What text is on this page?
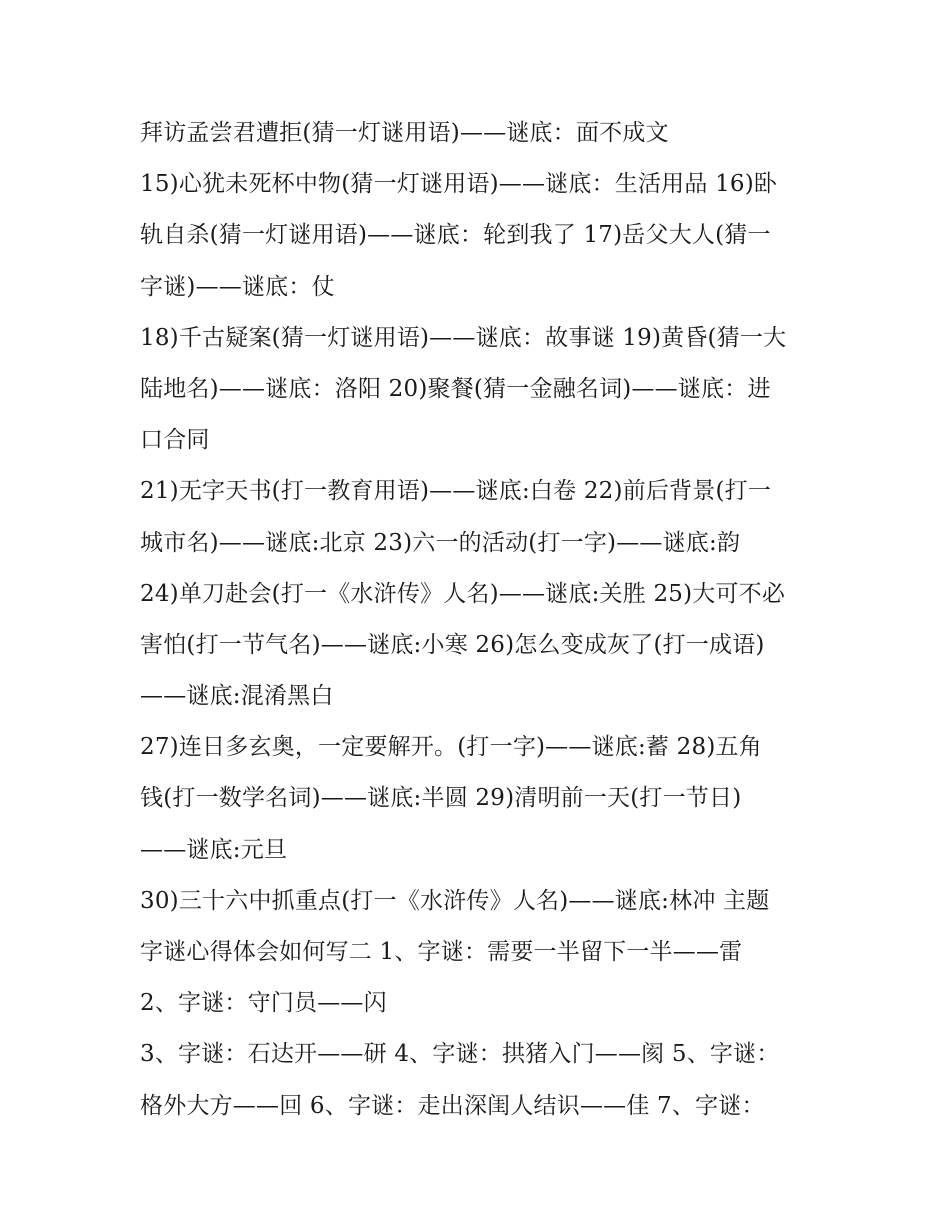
拜访孟尝君遭拒(猜一灯谜用语)——谜底：面不成文
15)心犹未死杯中物(猜一灯谜用语)——谜底：生活用品 16)卧
轨自杀(猜一灯谜用语)——谜底：轮到我了 17)岳父大人(猜一
字谜)——谜底：仗
18)千古疑案(猜一灯谜用语)——谜底：故事谜 19)黄昏(猜一大
陆地名)——谜底：洛阳 20)聚餐(猜一金融名词)——谜底：进
口合同
21)无字天书(打一教育用语)——谜底:白卷 22)前后背景(打一
城市名)——谜底:北京 23)六一的活动(打一字)——谜底:韵
24)单刀赴会(打一《水浒传》人名)——谜底:关胜 25)大可不必
害怕(打一节气名)——谜底:小寒 26)怎么变成灰了(打一成语)
——谜底:混淆黑白
27)连日多玄奥，一定要解开。(打一字)——谜底:蓄 28)五角
钱(打一数学名词)——谜底:半圆 29)清明前一天(打一节日)
——谜底:元旦
30)三十六中抓重点(打一《水浒传》人名)——谜底:林冲 主题
字谜心得体会如何写二 1、字谜：需要一半留下一半——雷
2、字谜：守门员——闪
3、字谜：石达开——研 4、字谜：拱猪入门——阂 5、字谜：
格外大方——回 6、字谜：走出深闺人结识——佳 7、字谜：
